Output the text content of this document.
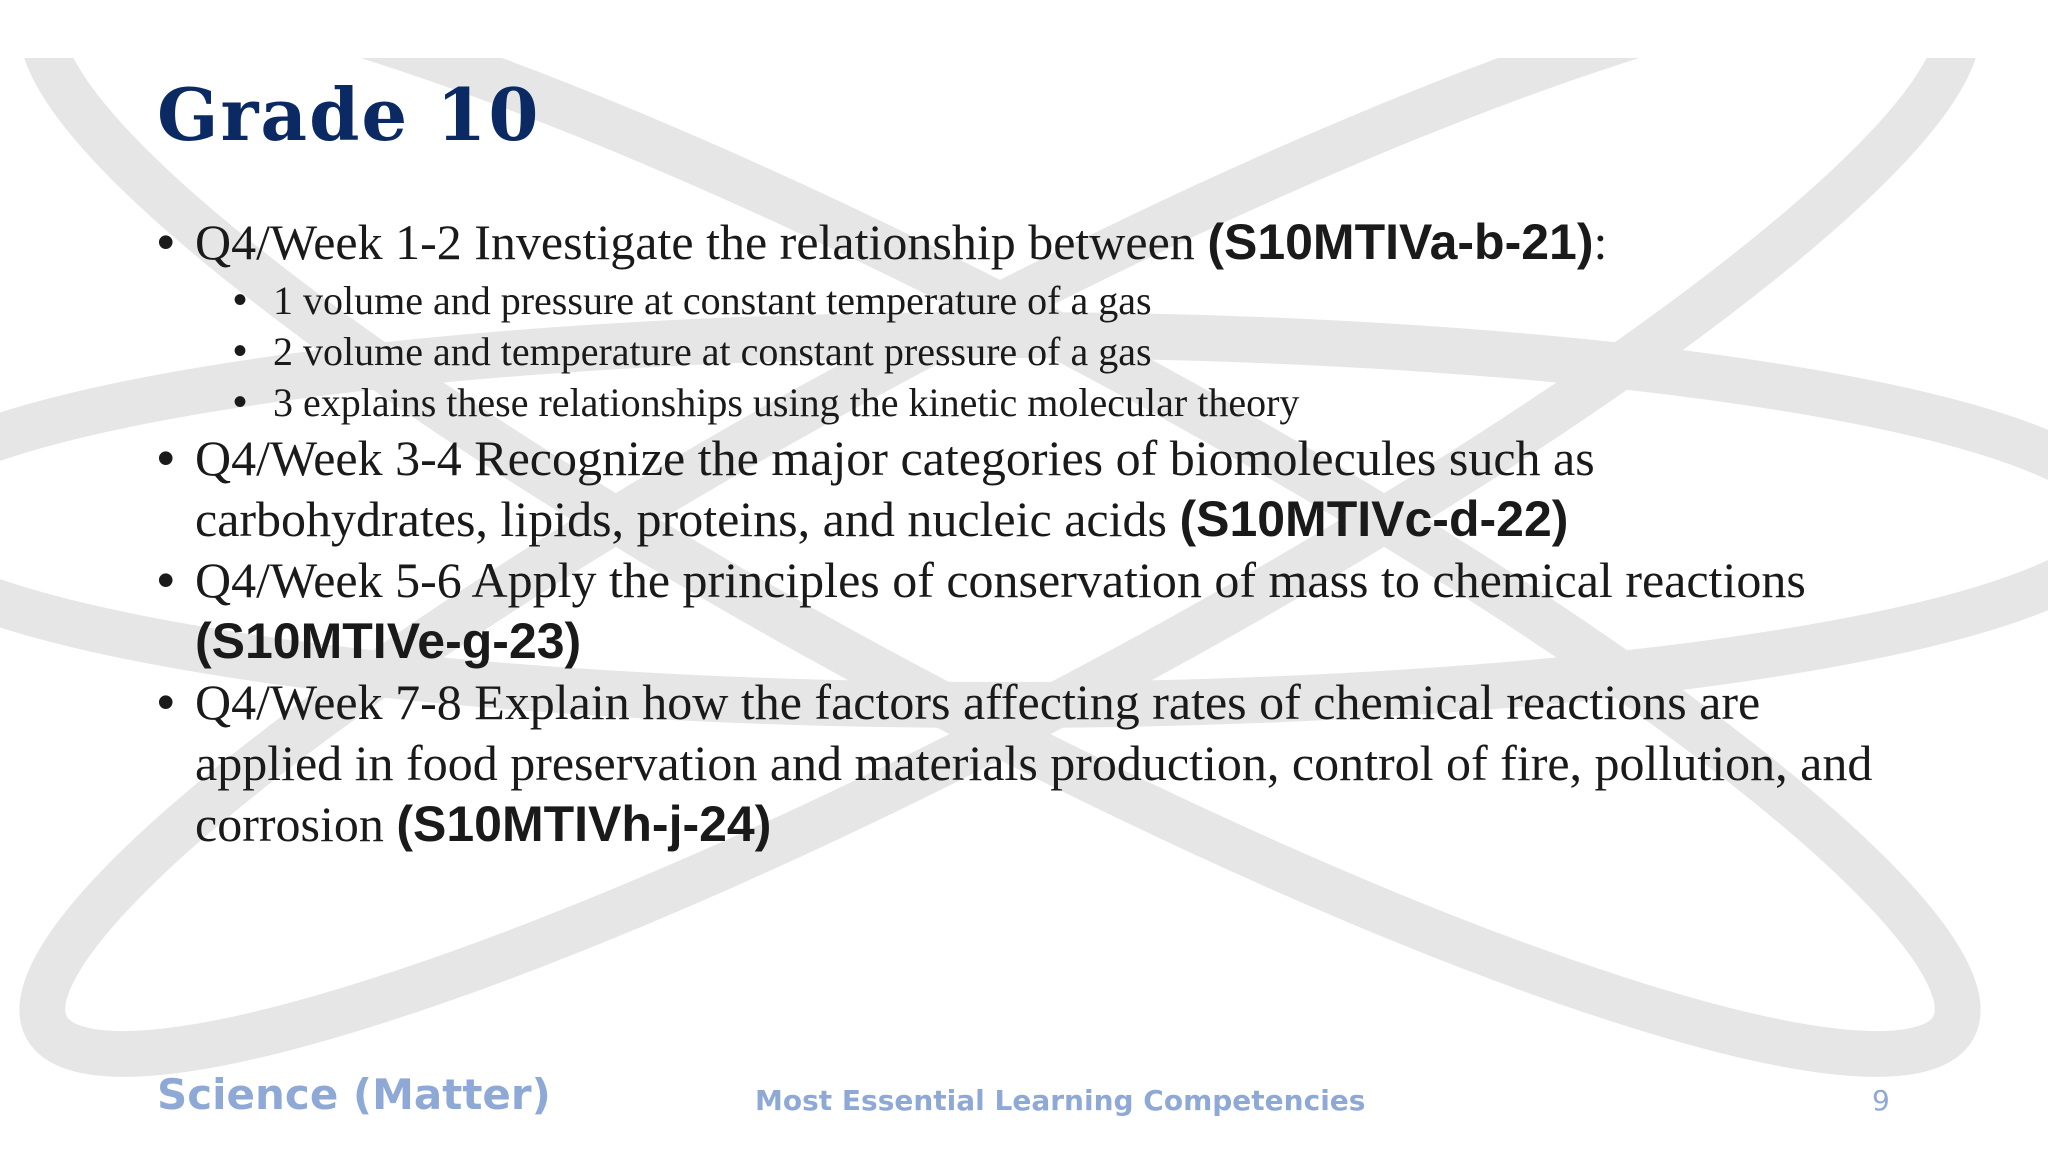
Grade 10
• Q4/Week 1-2 Investigate the relationship between (S10MTIVa-b-21):
• 1 volume and pressure at constant temperature of a gas
• 2 volume and temperature at constant pressure of a gas
• 3 explains these relationships using the kinetic molecular theory
• Q4/Week 3-4 Recognize the major categories of biomolecules such as carbohydrates, lipids, proteins, and nucleic acids (S10MTIVc-d-22)
• Q4/Week 5-6 Apply the principles of conservation of mass to chemical reactions (S10MTIVe-g-23)
• Q4/Week 7-8 Explain how the factors affecting rates of chemical reactions are applied in food preservation and materials production, control of fire, pollution, and corrosion (S10MTIVh-j-24)
Science (Matter)	Most Essential Learning Competencies	9
